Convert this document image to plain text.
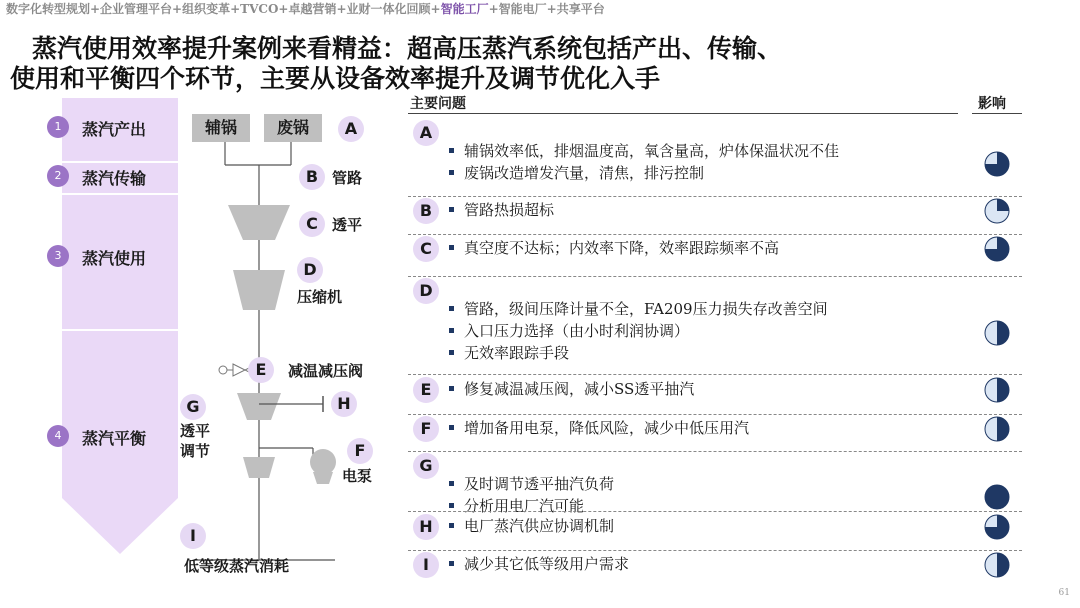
数字化转型规划+企业管理平台+组织变革+TVCO+卓越营销+业财一体化回顾+智能工厂+智能电厂+共享平台
蒸汽使用效率提升案例来看精益：超高压蒸汽系统包括产出、传输、
使用和平衡四个环节，主要从设备效率提升及调节优化入手
1	蒸汽产出
2	蒸汽传输
3	蒸汽使用
4	蒸汽平衡
辅锅	废锅	A
B 管路
C 透平
D
压缩机
E	减温减压阀
G
透平调节
H
F
电泵
I
低等级蒸汽消耗
主要问题	影响
A
辅锅效率低，排烟温度高，氧含量高，炉体保温状况不佳
废锅改造增发汽量，清焦，排污控制
B	管路热损超标
C	真空度不达标；内效率下降，效率跟踪频率不高
D
管路，级间压降计量不全，FA209压力损失存改善空间
入口压力选择（由小时利润协调）
无效率跟踪手段
E	修复减温减压阀，减小SS透平抽汽
F	增加备用电泵，降低风险，减少中低压用汽
G
及时调节透平抽汽负荷
分析用电厂汽可能
H	电厂蒸汽供应协调机制
I	减少其它低等级用户需求
61
